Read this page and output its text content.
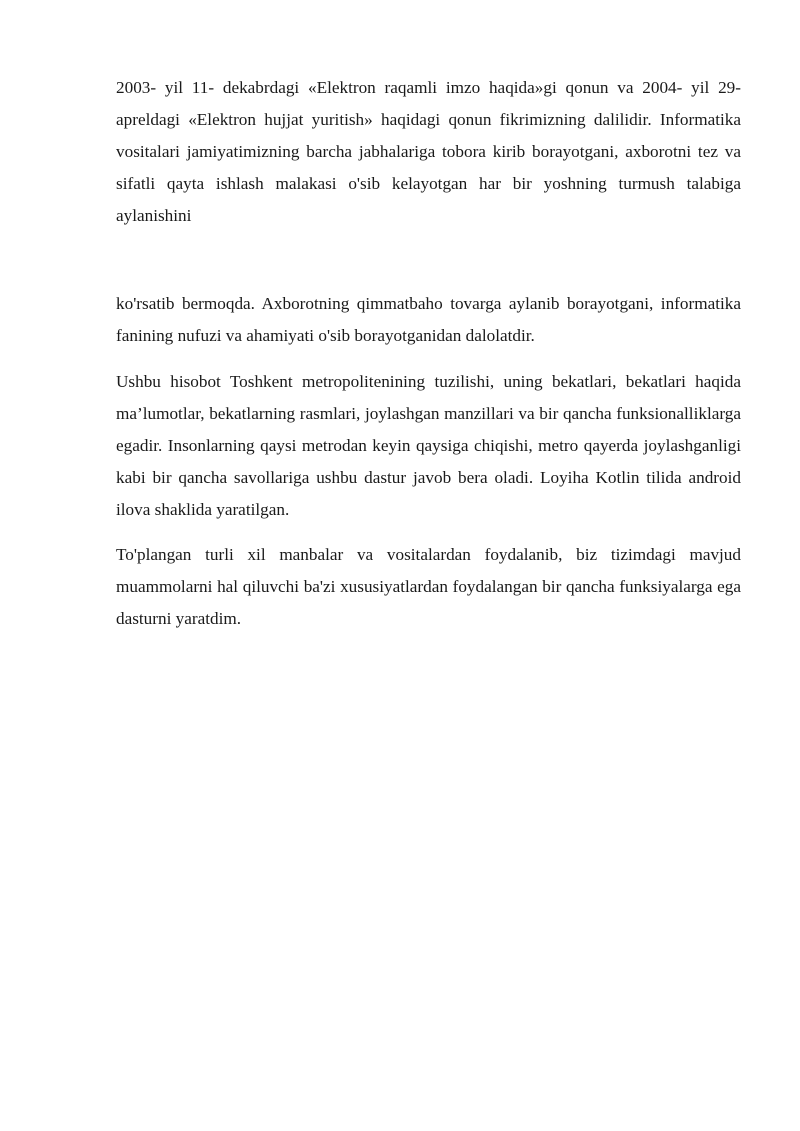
2003- yil 11- dekabrdagi «Elektron raqamli imzo haqida»gi qonun va 2004- yil 29- apreldagi «Elektron hujjat yuritish» haqidagi qonun fikrimizning dalilidir. Informatika vositalari jamiyatimizning barcha jabhalariga tobora kirib borayotgani, axborotni tez va sifatli qayta ishlash malakasi o'sib kelayotgan har bir yoshning turmush talabiga aylanishini

ko'rsatib bermoqda. Axborotning qimmatbaho tovarga aylanib borayotgani, informatika fanining nufuzi va ahamiyati o'sib borayotganidan dalolatdir.

Ushbu hisobot Toshkent metropolitenining tuzilishi, uning bekatlari, bekatlari haqida ma’lumotlar, bekatlarning rasmlari, joylashgan manzillari va bir qancha funksionalliklarga egadir. Insonlarning qaysi metrodan keyin qaysiga chiqishi, metro qayerda joylashganligi kabi bir qancha savollariga ushbu dastur javob bera oladi. Loyiha Kotlin tilida android ilova shaklida yaratilgan.

To'plangan turli xil manbalar va vositalardan foydalanib, biz tizimdagi mavjud muammolarni hal qiluvchi ba'zi xususiyatlardan foydalangan bir qancha funksiyalarga ega dasturni yaratdim.
